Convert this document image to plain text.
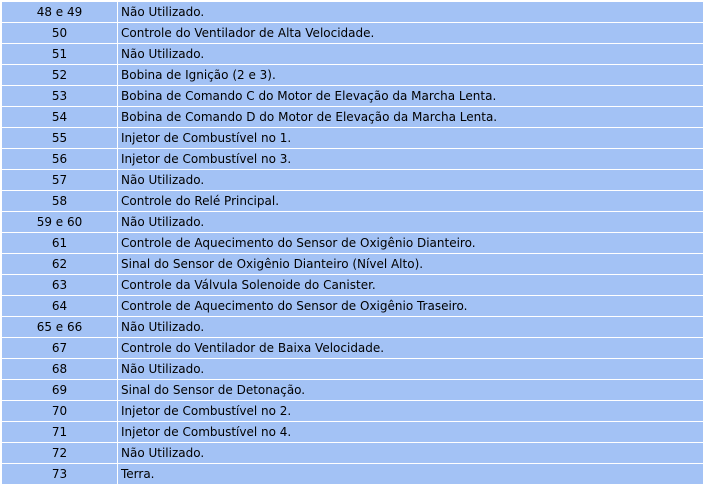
48 e 49	Não Utilizado.
50	Controle do Ventilador de Alta Velocidade.
51	Não Utilizado.
52	Bobina de Ignição (2 e 3).
53	Bobina de Comando C do Motor de Elevação da Marcha Lenta.
54	Bobina de Comando D do Motor de Elevação da Marcha Lenta.
55	Injetor de Combustível no 1.
56	Injetor de Combustível no 3.
57	Não Utilizado.
58	Controle do Relé Principal.
59 e 60	Não Utilizado.
61	Controle de Aquecimento do Sensor de Oxigênio Dianteiro.
62	Sinal do Sensor de Oxigênio Dianteiro (Nível Alto).
63	Controle da Válvula Solenoide do Canister.
64	Controle de Aquecimento do Sensor de Oxigênio Traseiro.
65 e 66	Não Utilizado.
67	Controle do Ventilador de Baixa Velocidade.
68	Não Utilizado.
69	Sinal do Sensor de Detonação.
70	Injetor de Combustível no 2.
71	Injetor de Combustível no 4.
72	Não Utilizado.
73	Terra.
